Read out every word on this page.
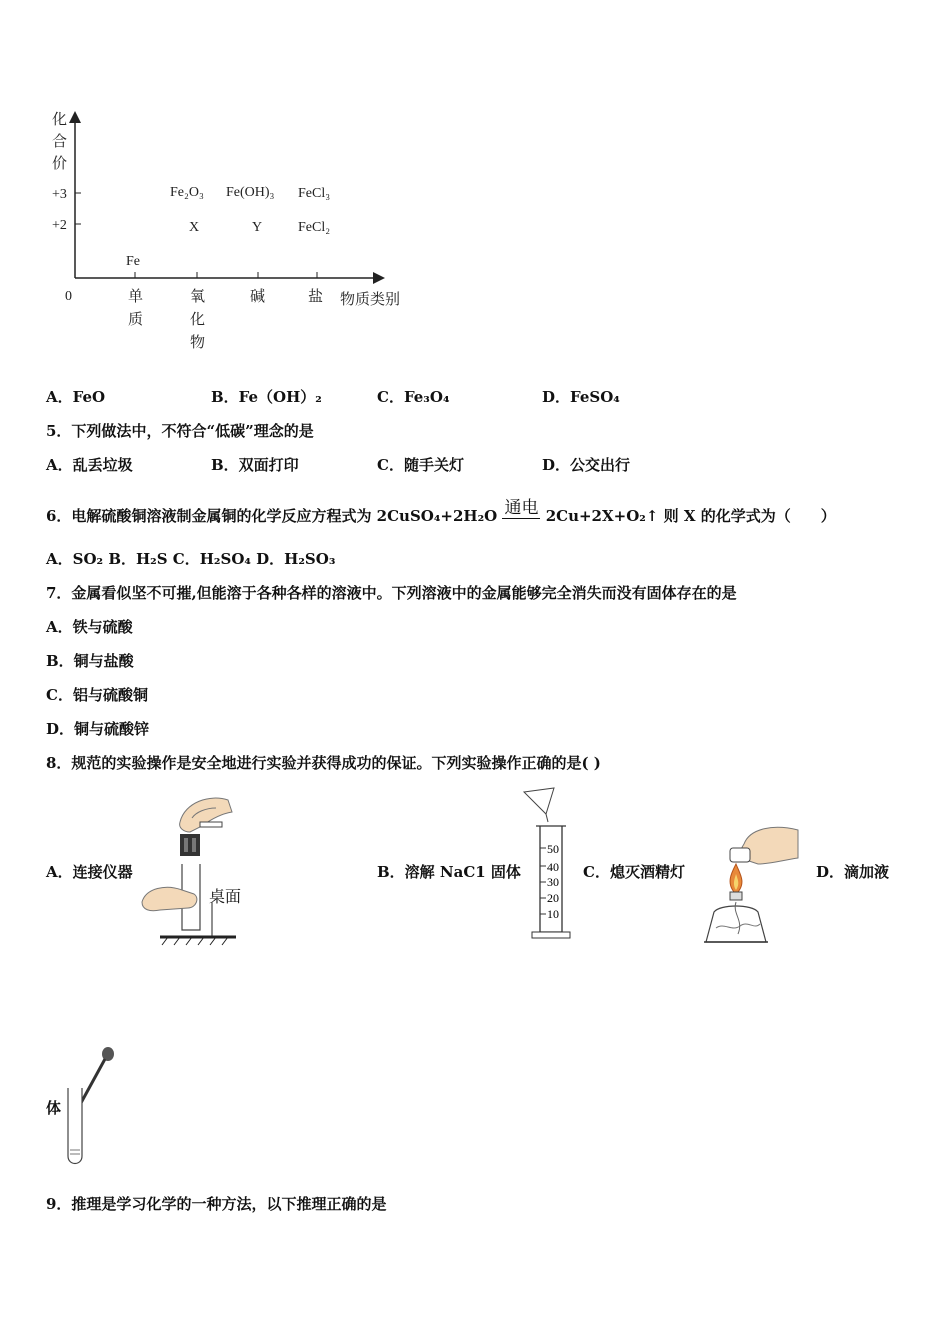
化
合
价
+3
+2
0	单
质
氧
化
物
碱	盐 物质类别
Fe
Fe₂O₃ Fe(OH)₃ FeCl₃
X	Y	FeCl₂
A．FeO	B．Fe（OH）₂	C．Fe₃O₄	D．FeSO₄
5．下列做法中，不符合“低碳”理念的是
A．乱丢垃圾	B．双面打印	C．随手关灯	D．公交出行
6．电解硫酸铜溶液制金属铜的化学反应方程式为 2CuSO₄+2H₂O 通电 2Cu+2X+O₂↑ 则 X 的化学式为（　　）
A．SO₂ B．H₂S C．H₂SO₄ D．H₂SO₃
7．金属看似坚不可摧,但能溶于各种各样的溶液中。下列溶液中的金属能够完全消失而没有固体存在的是
A．铁与硫酸
B．铜与盐酸
C．铝与硫酸铜
D．铜与硫酸锌
8．规范的实验操作是安全地进行实验并获得成功的保证。下列实验操作正确的是( )
A．连接仪器
桌面
B．溶解 NaC1 固体
50
40
30
20
10
C．熄灭酒精灯	D．滴加液
体
9．推理是学习化学的一种方法，以下推理正确的是
